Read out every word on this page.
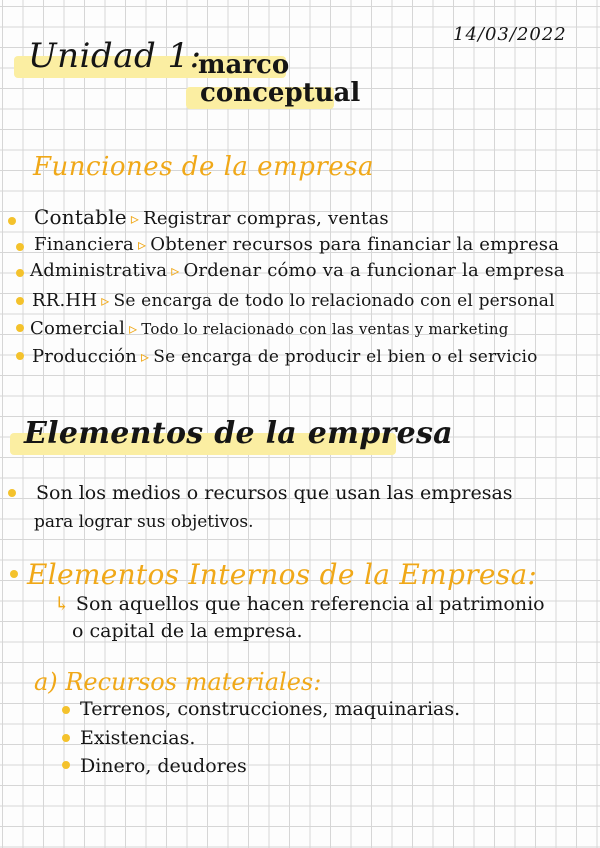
14/03/2022
Unidad 1:
marco
conceptual
Funciones de la empresa
Contable ▹ Registrar compras, ventas
Financiera ▹ Obtener recursos para financiar la empresa
Administrativa ▹ Ordenar cómo va a funcionar la empresa
RR.HH ▹ Se encarga de todo lo relacionado con el personal
Comercial ▹ Todo lo relacionado con las ventas y marketing
Producción ▹ Se encarga de producir el bien o el servicio
Elementos de la empresa
Son los medios o recursos que usan las empresas
para lograr sus objetivos.
Elementos Internos de la Empresa:
↳ Son aquellos que hacen referencia al patrimonio
o capital de la empresa.
a) Recursos materiales:
Terrenos, construcciones, maquinarias.
Existencias.
Dinero, deudores
